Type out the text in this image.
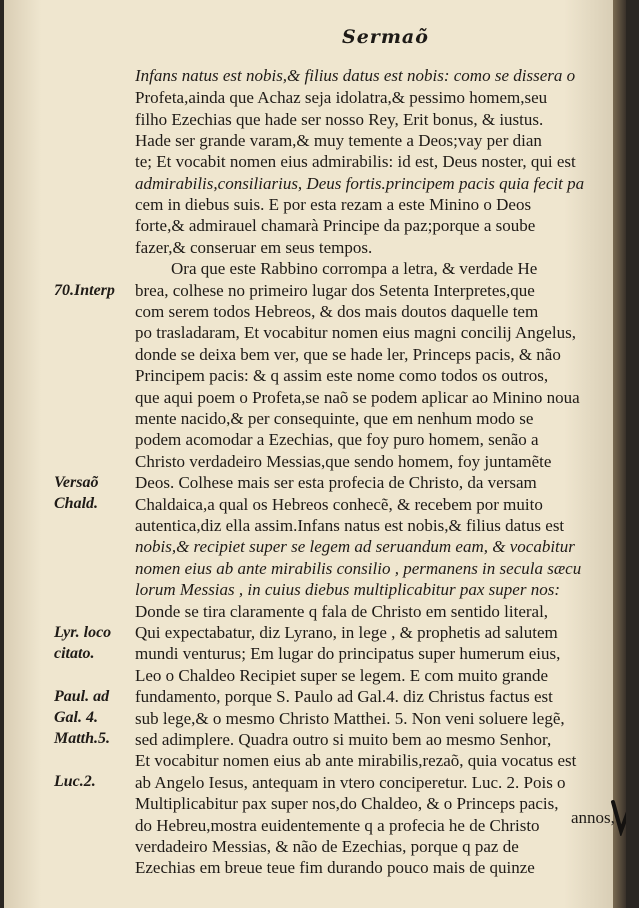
Sermaõ
Infans natus est nobis,& filius datus est nobis: como se dissera o
Profeta,ainda que Achaz seja idolatra,& pessimo homem,seu
filho Ezechias que hade ser nosso Rey, Erit bonus, & iustus.
Hade ser grande varam,& muy temente a Deos;vay per dian
te; Et vocabit nomen eius admirabilis: id est, Deus noster, qui est
admirabilis,consiliarius, Deus fortis.principem pacis quia fecit pa
cem in diebus suis. E por esta rezam a este Minino o Deos
forte,& admirauel chamarà Principe da paz;porque a soube
fazer,& conseruar em seus tempos.
Ora que este Rabbino corrompa a letra, & verdade He
brea, colhese no primeiro lugar dos Setenta Interpretes,que
com serem todos Hebreos, & dos mais doutos daquelle tem
po trasladaram, Et vocabitur nomen eius magni concilij Angelus,
donde se deixa bem ver, que se hade ler, Princeps pacis, & não
Principem pacis: & q assim este nome como todos os outros,
que aqui poem o Profeta,se naõ se podem aplicar ao Minino noua
mente nacido,& per consequinte, que em nenhum modo se
podem acomodar a Ezechias, que foy puro homem, senão a
Christo verdadeiro Messias,que sendo homem, foy juntamẽte
Deos. Colhese mais ser esta profecia de Christo, da versam
Chaldaica,a qual os Hebreos conhecẽ, & recebem por muito
autentica,diz ella assim.Infans natus est nobis,& filius datus est
nobis,& recipiet super se legem ad seruandum eam, & vocabitur
nomen eius ab ante mirabilis consilio , permanens in secula sæcu
lorum Messias , in cuius diebus multiplicabitur pax super nos:
Donde se tira claramente q fala de Christo em sentido literal,
Qui expectabatur, diz Lyrano, in lege , & prophetis ad salutem
mundi venturus; Em lugar do principatus super humerum eius,
Leo o Chaldeo Recipiet super se legem. E com muito grande
fundamento, porque S. Paulo ad Gal.4. diz Christus factus est
sub lege,& o mesmo Christo Matthei. 5. Non veni soluere legẽ,
sed adimplere. Quadra outro si muito bem ao mesmo Senhor,
Et vocabitur nomen eius ab ante mirabilis,rezaõ, quia vocatus est
ab Angelo Iesus, antequam in vtero conciperetur. Luc. 2. Pois o
Multiplicabitur pax super nos,do Chaldeo, & o Princeps pacis,
do Hebreu,mostra euidentemente q a profecia he de Christo
verdadeiro Messias, & não de Ezechias, porque q paz de
Ezechias em breue teue fim durando pouco mais de quinze
70.Interp
Versaõ
Chald.
Lyr. loco
citato.
Paul. ad
Gal. 4.
Matth.5.
Luc.2.
annos,
